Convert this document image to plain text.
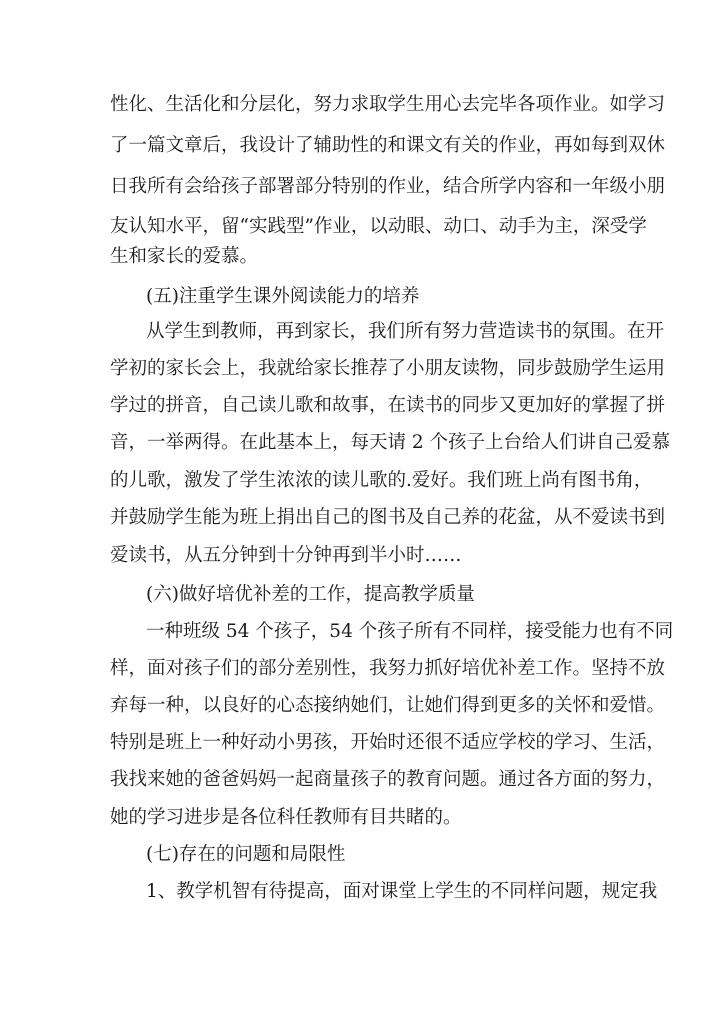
性化、生活化和分层化，努力求取学生用心去完毕各项作业。如学习
了一篇文章后，我设计了辅助性的和课文有关的作业，再如每到双休
日我所有会给孩子部署部分特别的作业，结合所学内容和一年级小朋
友认知水平，留“实践型”作业，以动眼、动口、动手为主，深受学
生和家长的爱慕。
(五)注重学生课外阅读能力的培养
从学生到教师，再到家长，我们所有努力营造读书的氛围。在开
学初的家长会上，我就给家长推荐了小朋友读物，同步鼓励学生运用
学过的拼音，自己读儿歌和故事，在读书的同步又更加好的掌握了拼
音，一举两得。在此基本上，每天请 2 个孩子上台给人们讲自己爱慕
的儿歌，激发了学生浓浓的读儿歌的.爱好。我们班上尚有图书角，
并鼓励学生能为班上捐出自己的图书及自己养的花盆，从不爱读书到
爱读书，从五分钟到十分钟再到半小时……
(六)做好培优补差的工作，提高教学质量
一种班级 54 个孩子，54 个孩子所有不同样，接受能力也有不同
样，面对孩子们的部分差别性，我努力抓好培优补差工作。坚持不放
弃每一种，以良好的心态接纳她们，让她们得到更多的关怀和爱惜。
特别是班上一种好动小男孩，开始时还很不适应学校的学习、生活，
我找来她的爸爸妈妈一起商量孩子的教育问题。通过各方面的努力，
她的学习进步是各位科任教师有目共睹的。
(七)存在的问题和局限性
1、教学机智有待提高，面对课堂上学生的不同样问题，规定我
